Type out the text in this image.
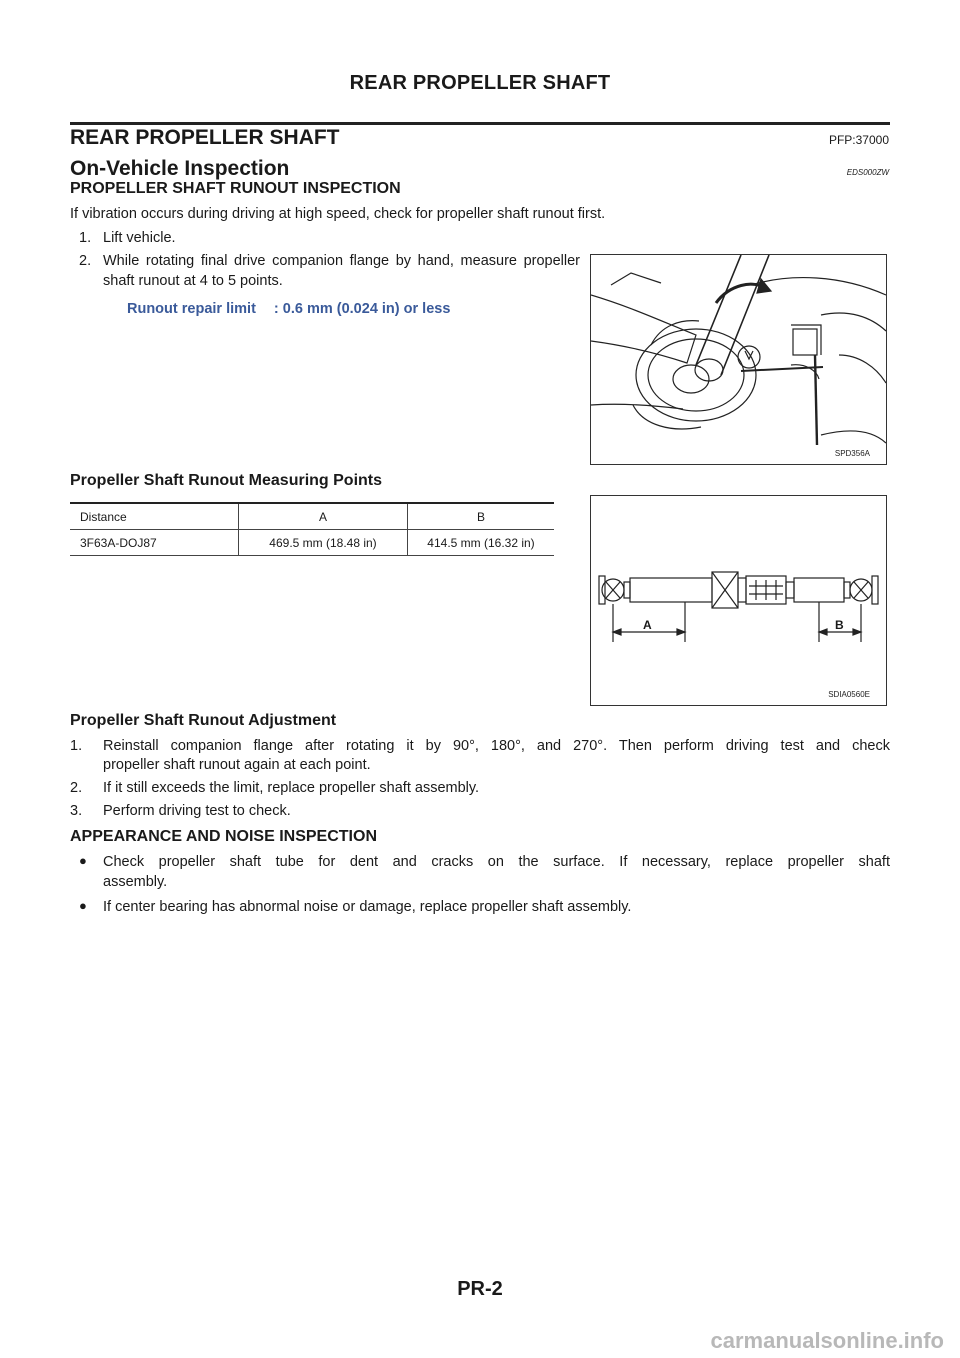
REAR PROPELLER SHAFT
REAR PROPELLER SHAFT	PFP:37000
On-Vehicle Inspection	EDS000ZW
PROPELLER SHAFT RUNOUT INSPECTION
If vibration occurs during driving at high speed, check for propeller shaft runout first.
1. Lift vehicle.
2. While rotating final drive companion flange by hand, measure propeller shaft runout at 4 to 5 points.
Runout repair limit : 0.6 mm (0.024 in) or less
SPD356A
Propeller Shaft Runout Measuring Points
Distance	A	B
3F63A-DOJ87	469.5 mm (18.48 in)	414.5 mm (16.32 in)
A	B
SDIA0560E
Propeller Shaft Runout Adjustment
1. Reinstall companion flange after rotating it by 90°, 180°, and 270°. Then perform driving test and check
propeller shaft runout again at each point.
2. If it still exceeds the limit, replace propeller shaft assembly.
3. Perform driving test to check.
APPEARANCE AND NOISE INSPECTION
● Check propeller shaft tube for dent and cracks on the surface. If necessary, replace propeller shaft
assembly.
● If center bearing has abnormal noise or damage, replace propeller shaft assembly.
PR-2
carmanualsonline.info
